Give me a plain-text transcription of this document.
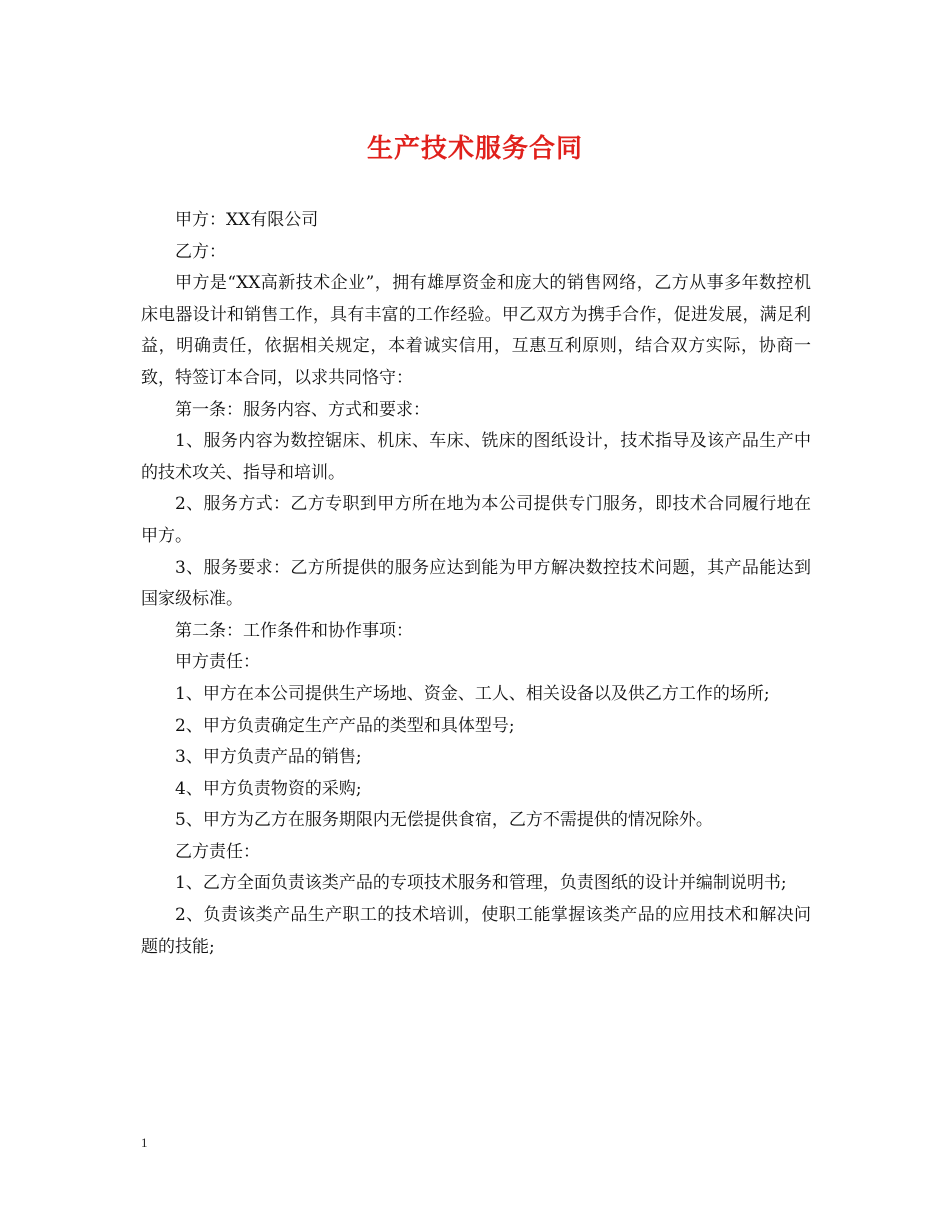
生产技术服务合同

甲方：XX有限公司

乙方：

甲方是“XX高新技术企业”，拥有雄厚资金和庞大的销售网络，乙方从事多年数控机床电器设计和销售工作，具有丰富的工作经验。甲乙双方为携手合作，促进发展，满足利益，明确责任，依据相关规定，本着诚实信用，互惠互利原则，结合双方实际，协商一致，特签订本合同，以求共同恪守：

第一条：服务内容、方式和要求：

1、服务内容为数控锯床、机床、车床、铣床的图纸设计，技术指导及该产品生产中的技术攻关、指导和培训。

2、服务方式：乙方专职到甲方所在地为本公司提供专门服务，即技术合同履行地在甲方。

3、服务要求：乙方所提供的服务应达到能为甲方解决数控技术问题，其产品能达到国家级标准。

第二条：工作条件和协作事项：

甲方责任：

1、甲方在本公司提供生产场地、资金、工人、相关设备以及供乙方工作的场所;

2、甲方负责确定生产产品的类型和具体型号;

3、甲方负责产品的销售;

4、甲方负责物资的采购;

5、甲方为乙方在服务期限内无偿提供食宿，乙方不需提供的情况除外。

乙方责任：

1、乙方全面负责该类产品的专项技术服务和管理，负责图纸的设计并编制说明书;

2、负责该类产品生产职工的技术培训，使职工能掌握该类产品的应用技术和解决问题的技能;

1
